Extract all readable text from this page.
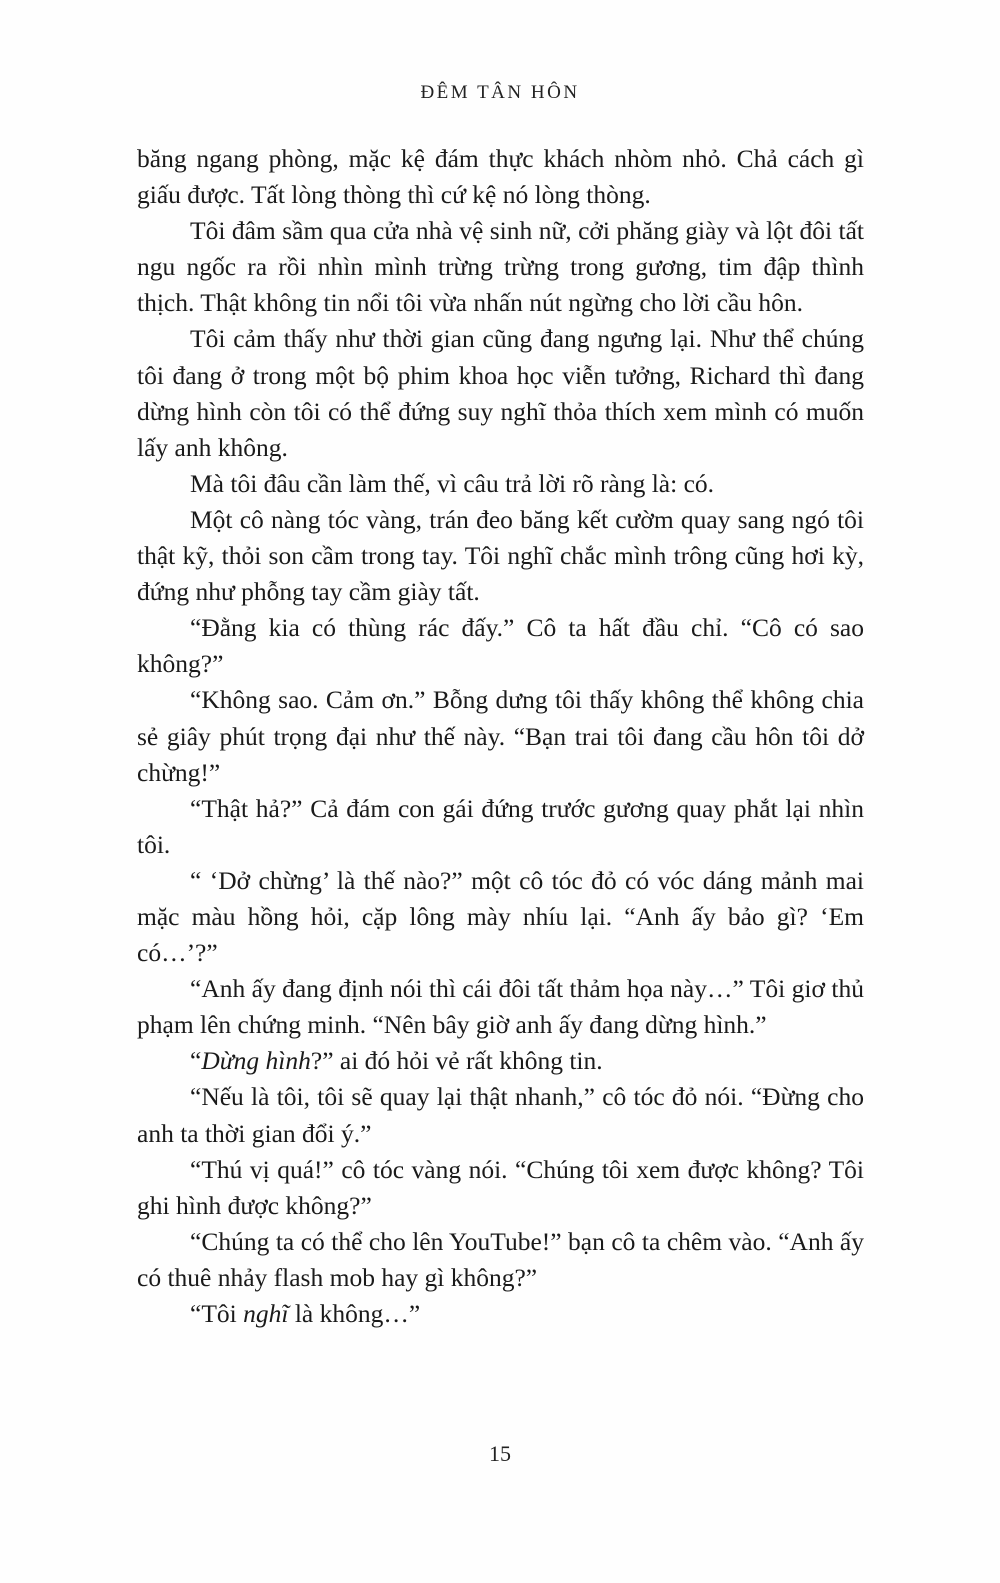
ĐÊM TÂN HÔN

băng ngang phòng, mặc kệ đám thực khách nhòm nhỏ. Chả cách gì giấu được. Tất lòng thòng thì cứ kệ nó lòng thòng.

Tôi đâm sầm qua cửa nhà vệ sinh nữ, cởi phăng giày và lột đôi tất ngu ngốc ra rồi nhìn mình trừng trừng trong gương, tim đập thình thịch. Thật không tin nổi tôi vừa nhấn nút ngừng cho lời cầu hôn.

Tôi cảm thấy như thời gian cũng đang ngưng lại. Như thể chúng tôi đang ở trong một bộ phim khoa học viễn tưởng, Richard thì đang dừng hình còn tôi có thể đứng suy nghĩ thỏa thích xem mình có muốn lấy anh không.

Mà tôi đâu cần làm thế, vì câu trả lời rõ ràng là: có.

Một cô nàng tóc vàng, trán đeo băng kết cườm quay sang ngó tôi thật kỹ, thỏi son cầm trong tay. Tôi nghĩ chắc mình trông cũng hơi kỳ, đứng như phỗng tay cầm giày tất.

“Đằng kia có thùng rác đấy.” Cô ta hất đầu chỉ. “Cô có sao không?”

“Không sao. Cảm ơn.” Bỗng dưng tôi thấy không thể không chia sẻ giây phút trọng đại như thế này. “Bạn trai tôi đang cầu hôn tôi dở chừng!”

“Thật hả?” Cả đám con gái đứng trước gương quay phắt lại nhìn tôi.

“ ‘Dở chừng’ là thế nào?” một cô tóc đỏ có vóc dáng mảnh mai mặc màu hồng hỏi, cặp lông mày nhíu lại. “Anh ấy bảo gì? ‘Em có…’?”

“Anh ấy đang định nói thì cái đôi tất thảm họa này…” Tôi giơ thủ phạm lên chứng minh. “Nên bây giờ anh ấy đang dừng hình.”

“Dừng hình?” ai đó hỏi vẻ rất không tin.

“Nếu là tôi, tôi sẽ quay lại thật nhanh,” cô tóc đỏ nói. “Đừng cho anh ta thời gian đổi ý.”

“Thú vị quá!” cô tóc vàng nói. “Chúng tôi xem được không? Tôi ghi hình được không?”

“Chúng ta có thể cho lên YouTube!” bạn cô ta chêm vào. “Anh ấy có thuê nhảy flash mob hay gì không?”

“Tôi nghĩ là không…”

15
